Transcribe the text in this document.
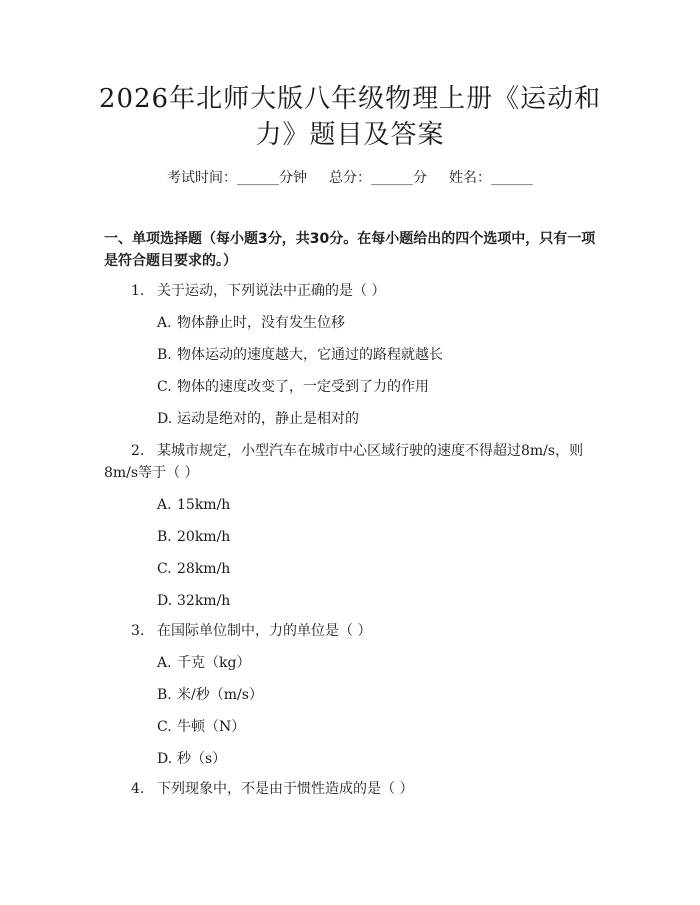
2026年北师大版八年级物理上册《运动和
力》题目及答案
考试时间：______分钟 总分：______分 姓名：______
一、单项选择题（每小题3分，共30分。在每小题给出的四个选项中，只有一项
是符合题目要求的。）
1. 关于运动，下列说法中正确的是（ ）
A. 物体静止时，没有发生位移
B. 物体运动的速度越大，它通过的路程就越长
C. 物体的速度改变了，一定受到了力的作用
D. 运动是绝对的，静止是相对的
2. 某城市规定，小型汽车在城市中心区域行驶的速度不得超过8m/s，则
8m/s等于（ ）
A. 15km/h
B. 20km/h
C. 28km/h
D. 32km/h
3. 在国际单位制中，力的单位是（ ）
A. 千克（kg）
B. 米/秒（m/s）
C. 牛顿（N）
D. 秒（s）
4. 下列现象中，不是由于惯性造成的是（ ）
